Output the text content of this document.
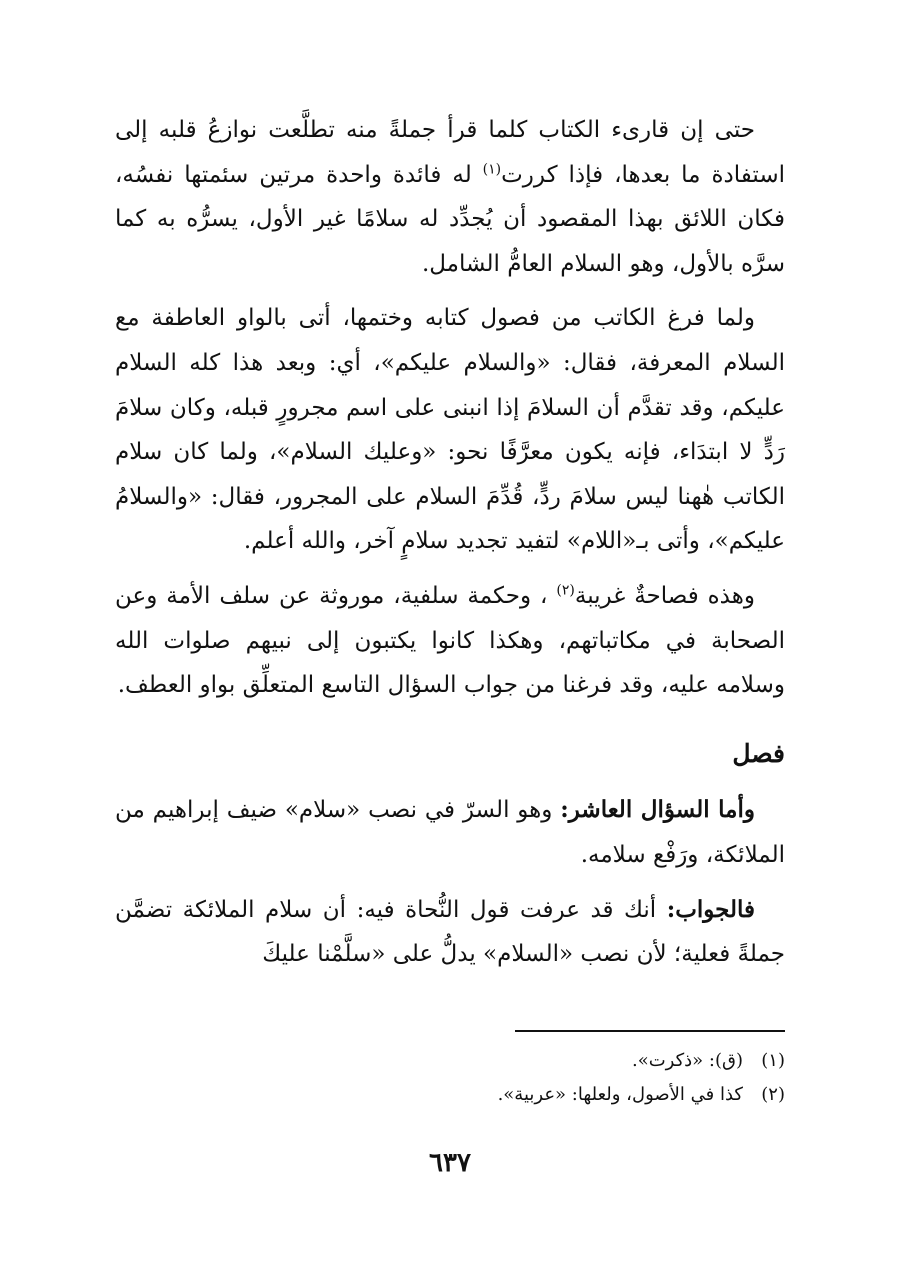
حتى إن قارىء الكتاب كلما قرأ جملةً منه تطلَّعت نوازعُ قلبه إلى استفادة ما بعدها، فإذا كررت$^{(١)}$ له فائدة واحدة مرتين سئمتها نفسُه، فكان اللائق بهذا المقصود أن يُجدِّد له سلامًا غير الأول، يسرُّه به كما سرَّه بالأول، وهو السلام العامُّ الشامل.

ولما فرغ الكاتب من فصول كتابه وختمها، أتى بالواو العاطفة مع السلام المعرفة، فقال: «والسلام عليكم»، أي: وبعد هذا كله السلام عليكم، وقد تقدَّم أن السلامَ إذا انبنى على اسم مجرورٍ قبله، وكان سلامَ رَدٍّ لا ابتدَاء، فإنه يكون معرَّفًا نحو: «وعليك السلام»، ولما كان سلام الكاتب هٰهنا ليس سلامَ ردٍّ، قُدِّمَ السلام على المجرور، فقال: «والسلامُ عليكم»، وأتى بـ«اللام» لتفيد تجديد سلامٍ آخر، والله أعلم.

وهذه فصاحةٌ غريبة$^{(٢)}$ ، وحكمة سلفية، موروثة عن سلف الأمة وعن الصحابة في مكاتباتهم، وهكذا كانوا يكتبون إلى نبيهم صلوات الله وسلامه عليه، وقد فرغنا من جواب السؤال التاسع المتعلِّق بواو العطف.

فصل

وأما السؤال العاشر: وهو السرّ في نصب «سلام» ضيف إبراهيم من الملائكة، ورَفْع سلامه.

فالجواب: أنك قد عرفت قول النُّحاة فيه: أن سلام الملائكة تضمَّن جملةً فعلية؛ لأن نصب «السلام» يدلُّ على «سلَّمْنا عليكَ

(١)(ق): «ذكرت».
(٢)كذا في الأصول، ولعلها: «عربية».
٦٣٧
